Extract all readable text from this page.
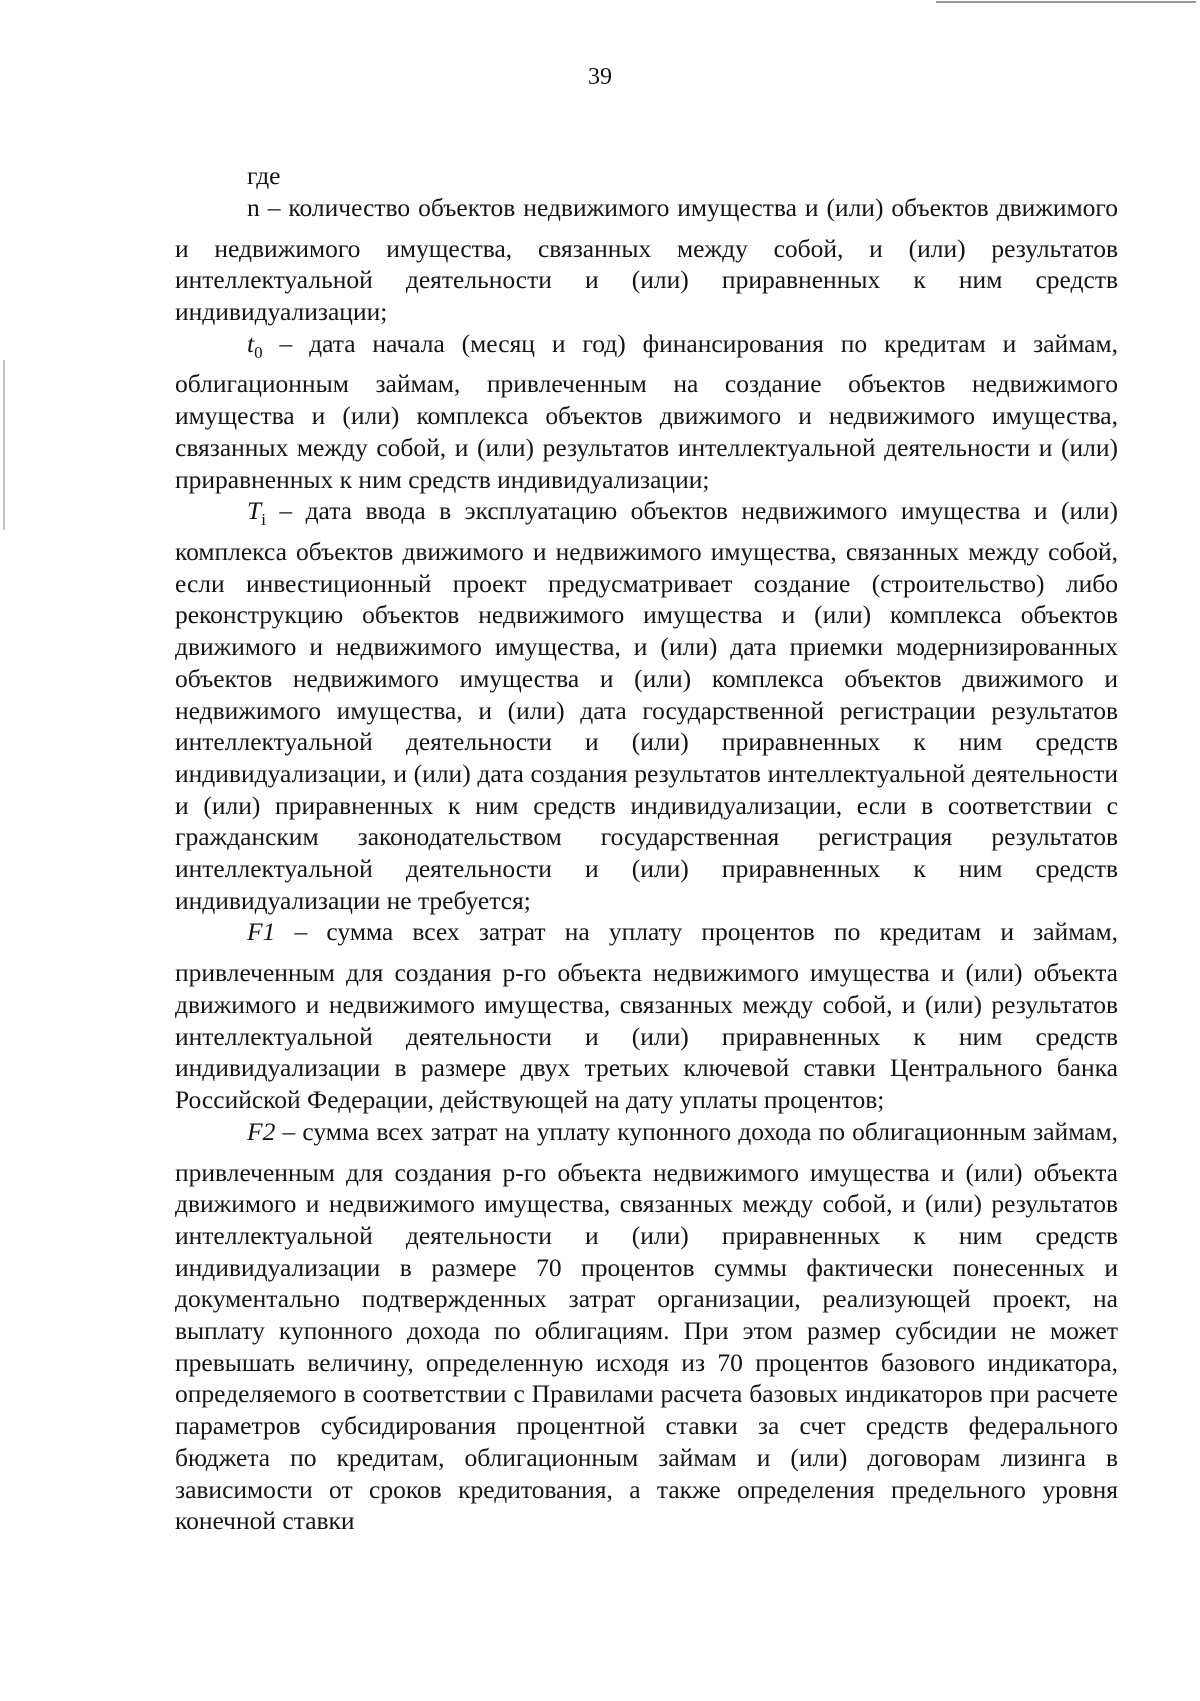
39

где

n – количество объектов недвижимого имущества и (или) объектов движимого и недвижимого имущества, связанных между собой, и (или) результатов интеллектуальной деятельности и (или) приравненных к ним средств индивидуализации;

$t_0$ – дата начала (месяц и год) финансирования по кредитам и займам, облигационным займам, привлеченным на создание объектов недвижимого имущества и (или) комплекса объектов движимого и недвижимого имущества, связанных между собой, и (или) результатов интеллектуальной деятельности и (или) приравненных к ним средств индивидуализации;

$T_i$ – дата ввода в эксплуатацию объектов недвижимого имущества и (или) комплекса объектов движимого и недвижимого имущества, связанных между собой, если инвестиционный проект предусматривает создание (строительство) либо реконструкцию объектов недвижимого имущества и (или) комплекса объектов движимого и недвижимого имущества, и (или) дата приемки модернизированных объектов недвижимого имущества и (или) комплекса объектов движимого и недвижимого имущества, и (или) дата государственной регистрации результатов интеллектуальной деятельности и (или) приравненных к ним средств индивидуализации, и (или) дата создания результатов интеллектуальной деятельности и (или) приравненных к ним средств индивидуализации, если в соответствии с гражданским законодательством государственная регистрация результатов интеллектуальной деятельности и (или) приравненных к ним средств индивидуализации не требуется;

F1 – сумма всех затрат на уплату процентов по кредитам и займам, привлеченным для создания p-го объекта недвижимого имущества и (или) объекта движимого и недвижимого имущества, связанных между собой, и (или) результатов интеллектуальной деятельности и (или) приравненных к ним средств индивидуализации в размере двух третьих ключевой ставки Центрального банка Российской Федерации, действующей на дату уплаты процентов;

F2 – сумма всех затрат на уплату купонного дохода по облигационным займам, привлеченным для создания p-го объекта недвижимого имущества и (или) объекта движимого и недвижимого имущества, связанных между собой, и (или) результатов интеллектуальной деятельности и (или) приравненных к ним средств индивидуализации в размере 70 процентов суммы фактически понесенных и документально подтвержденных затрат организации, реализующей проект, на выплату купонного дохода по облигациям. При этом размер субсидии не может превышать величину, определенную исходя из 70 процентов базового индикатора, определяемого в соответствии с Правилами расчета базовых индикаторов при расчете параметров субсидирования процентной ставки за счет средств федерального бюджета по кредитам, облигационным займам и (или) договорам лизинга в зависимости от сроков кредитования, а также определения предельного уровня конечной ставки
